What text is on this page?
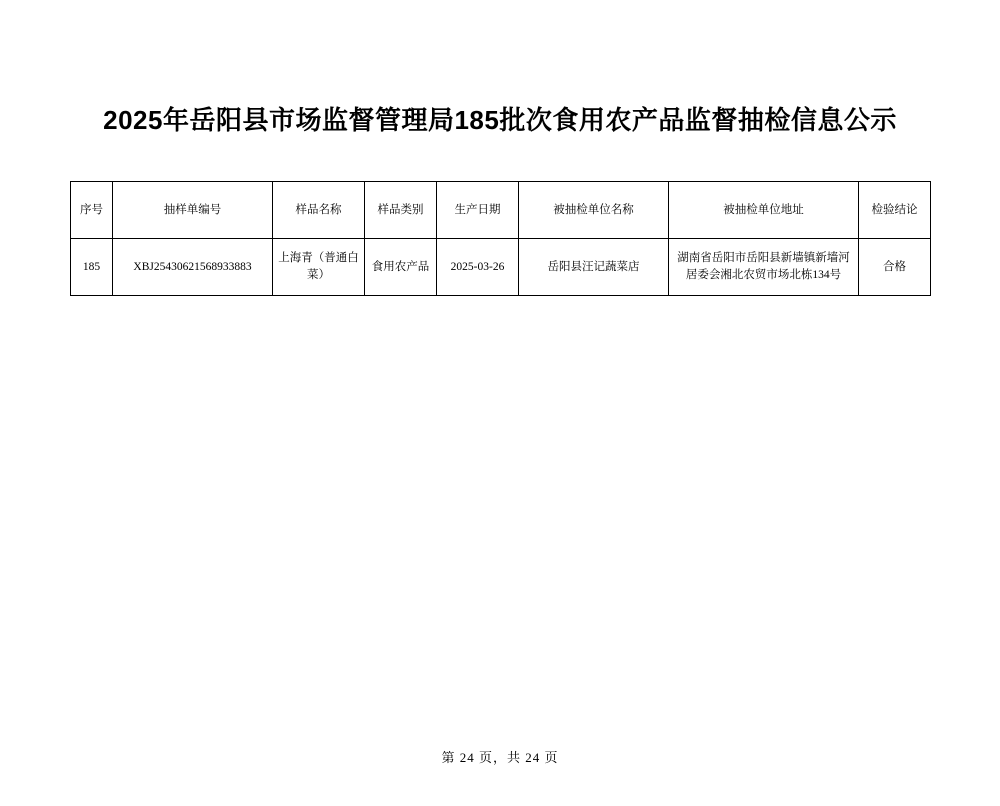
2025年岳阳县市场监督管理局185批次食用农产品监督抽检信息公示
序号	抽样单编号	样品名称	样品类别	生产日期	被抽检单位名称	被抽检单位地址	检验结论
185	XBJ25430621568933883	上海青（普通白菜）	食用农产品	2025-03-26	岳阳县汪记蔬菜店	湖南省岳阳市岳阳县新墙镇新墙河居委会湘北农贸市场北栋134号	合格
第 24 页，共 24 页
